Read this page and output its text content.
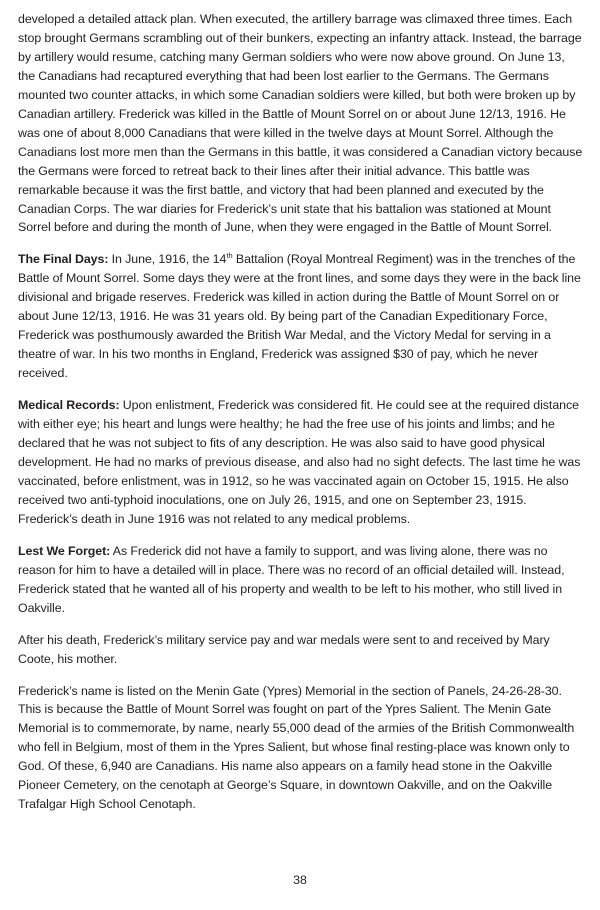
developed a detailed attack plan. When executed, the artillery barrage was climaxed three times. Each stop brought Germans scrambling out of their bunkers, expecting an infantry attack. Instead, the barrage by artillery would resume, catching many German soldiers who were now above ground. On June 13, the Canadians had recaptured everything that had been lost earlier to the Germans. The Germans mounted two counter attacks, in which some Canadian soldiers were killed, but both were broken up by Canadian artillery. Frederick was killed in the Battle of Mount Sorrel on or about June 12/13, 1916. He was one of about 8,000 Canadians that were killed in the twelve days at Mount Sorrel. Although the Canadians lost more men than the Germans in this battle, it was considered a Canadian victory because the Germans were forced to retreat back to their lines after their initial advance. This battle was remarkable because it was the first battle, and victory that had been planned and executed by the Canadian Corps. The war diaries for Frederick’s unit state that his battalion was stationed at Mount Sorrel before and during the month of June, when they were engaged in the Battle of Mount Sorrel.

The Final Days: In June, 1916, the 14th Battalion (Royal Montreal Regiment) was in the trenches of the Battle of Mount Sorrel. Some days they were at the front lines, and some days they were in the back line divisional and brigade reserves. Frederick was killed in action during the Battle of Mount Sorrel on or about June 12/13, 1916. He was 31 years old. By being part of the Canadian Expeditionary Force, Frederick was posthumously awarded the British War Medal, and the Victory Medal for serving in a theatre of war. In his two months in England, Frederick was assigned $30 of pay, which he never received.

Medical Records: Upon enlistment, Frederick was considered fit. He could see at the required distance with either eye; his heart and lungs were healthy; he had the free use of his joints and limbs; and he declared that he was not subject to fits of any description. He was also said to have good physical development. He had no marks of previous disease, and also had no sight defects. The last time he was vaccinated, before enlistment, was in 1912, so he was vaccinated again on October 15, 1915. He also received two anti-typhoid inoculations, one on July 26, 1915, and one on September 23, 1915. Frederick’s death in June 1916 was not related to any medical problems.

Lest We Forget: As Frederick did not have a family to support, and was living alone, there was no reason for him to have a detailed will in place. There was no record of an official detailed will. Instead, Frederick stated that he wanted all of his property and wealth to be left to his mother, who still lived in Oakville.

After his death, Frederick’s military service pay and war medals were sent to and received by Mary Coote, his mother.

Frederick’s name is listed on the Menin Gate (Ypres) Memorial in the section of Panels, 24-26-28-30. This is because the Battle of Mount Sorrel was fought on part of the Ypres Salient. The Menin Gate Memorial is to commemorate, by name, nearly 55,000 dead of the armies of the British Commonwealth who fell in Belgium, most of them in the Ypres Salient, but whose final resting-place was known only to God. Of these, 6,940 are Canadians. His name also appears on a family head stone in the Oakville Pioneer Cemetery, on the cenotaph at George’s Square, in downtown Oakville, and on the Oakville Trafalgar High School Cenotaph.

38
